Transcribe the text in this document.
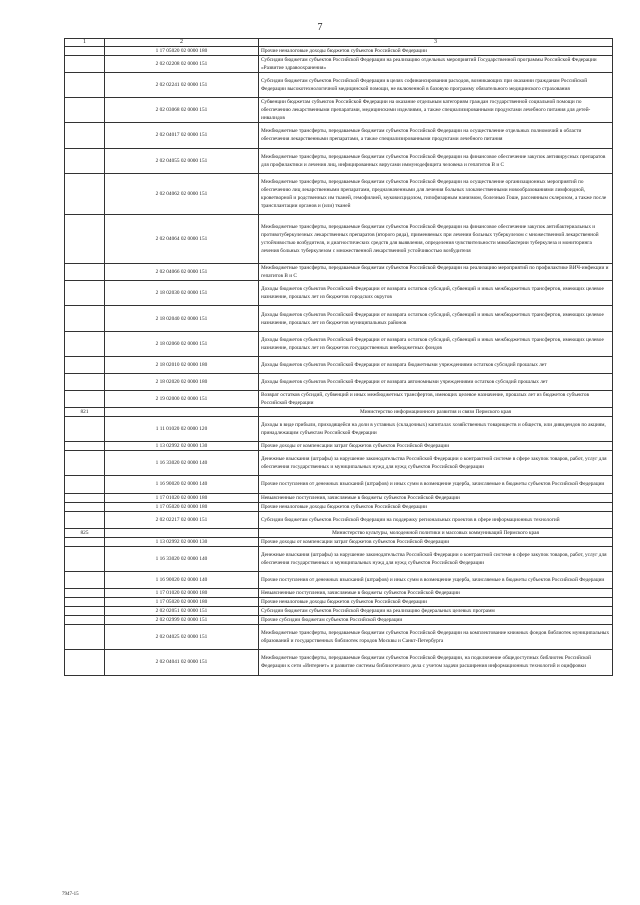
7
1	2	3
	1 17 05020 02 0000 180	Прочие неналоговые доходы бюджетов субъектов Российской Федерации
	2 02 02208 02 0000 151	Субсидии бюджетам субъектов Российской Федерации на реализацию отдельных мероприятий Государственной программы Российской Федерации «Развитие здравоохранения»
	2 02 02241 02 0000 151	Субсидии бюджетам субъектов Российской Федерации в целях софинансирования расходов, возникающих при оказании гражданам Российской Федерации высокотехнологичной медицинской помощи, не включенной в базовую программу обязательного медицинского страхования
	2 02 03068 02 0000 151	Субвенции бюджетам субъектов Российской Федерации на оказание отдельным категориям граждан государственной социальной помощи по обеспечению лекарственными препаратами, медицинскими изделиями, а также специализированными продуктами лечебного питания для детей-инвалидов
	2 02 04017 02 0000 151	Межбюджетные трансферты, передаваемые бюджетам субъектов Российской Федерации на осуществление отдельных полномочий в области обеспечения лекарственными препаратами, а также специализированными продуктами лечебного питания
	2 02 04055 02 0000 151	Межбюджетные трансферты, передаваемые бюджетам субъектов Российской Федерации на финансовое обеспечение закупок антивирусных препаратов для профилактики и лечения лиц, инфицированных вирусами иммунодефицита человека и гепатитов В и С
	2 02 04062 02 0000 151	Межбюджетные трансферты, передаваемые бюджетам субъектов Российской Федерации на осуществление организационных мероприятий по обеспечению лиц лекарственными препаратами, предназначенными для лечения больных злокачественными новообразованиями лимфоидной, кроветворной и родственных им тканей, гемофилией, муковисцидозом, гипофизарным нанизмом, болезнью Гоше, рассеянным склерозом, а также после трансплантации органов и (или) тканей
	2 02 04064 02 0000 151	Межбюджетные трансферты, передаваемые бюджетам субъектов Российской Федерации на финансовое обеспечение закупок антибактериальных и противотуберкулезных лекарственных препаратов (второго ряда), применяемых при лечении больных туберкулезом с множественной лекарственной устойчивостью возбудителя, и диагностических средств для выявления, определения чувствительности микобактерии туберкулеза и мониторинга лечения больных туберкулезом с множественной лекарственной устойчивостью возбудителя
	2 02 04066 02 0000 151	Межбюджетные трансферты, передаваемые бюджетам субъектов Российской Федерации на реализацию мероприятий по профилактике ВИЧ-инфекции и гепатитов В и С
	2 18 02030 02 0000 151	Доходы бюджетов субъектов Российской Федерации от возврата остатков субсидий, субвенций и иных межбюджетных трансфертов, имеющих целевое назначение, прошлых лет из бюджетов городских округов
	2 18 02040 02 0000 151	Доходы бюджетов субъектов Российской Федерации от возврата остатков субсидий, субвенций и иных межбюджетных трансфертов, имеющих целевое назначение, прошлых лет из бюджетов муниципальных районов
	2 18 02060 02 0000 151	Доходы бюджетов субъектов Российской Федерации от возврата остатков субсидий, субвенций и иных межбюджетных трансфертов, имеющих целевое назначение, прошлых лет из бюджетов государственных внебюджетных фондов
	2 18 02010 02 0000 180	Доходы бюджетов субъектов Российской Федерации от возврата бюджетными учреждениями остатков субсидий прошлых лет
	2 18 02020 02 0000 180	Доходы бюджетов субъектов Российской Федерации от возврата автономными учреждениями остатков субсидий прошлых лет
	2 19 02000 02 0000 151	Возврат остатков субсидий, субвенций и иных межбюджетных трансфертов, имеющих целевое назначение, прошлых лет из бюджетов субъектов Российской Федерации
821		Министерство информационного развития и связи Пермского края
	1 11 01020 02 0000 120	Доходы в виде прибыли, приходящейся на доли в уставных (складочных) капиталах хозяйственных товариществ и обществ, или дивидендов по акциям, принадлежащим субъектам Российской Федерации
	1 13 02992 02 0000 130	Прочие доходы от компенсации затрат бюджетов субъектов Российской Федерации
	1 16 33020 02 0000 140	Денежные взыскания (штрафы) за нарушение законодательства Российской Федерации о контрактной системе в сфере закупок товаров, работ, услуг для обеспечения государственных и муниципальных нужд для нужд субъектов Российской Федерации
	1 16 90020 02 0000 140	Прочие поступления от денежных взысканий (штрафов) и иных сумм в возмещение ущерба, зачисляемые в бюджеты субъектов Российской Федерации
	1 17 01020 02 0000 180	Невыясненные поступления, зачисляемые в бюджеты субъектов Российской Федерации
	1 17 05020 02 0000 180	Прочие неналоговые доходы бюджетов субъектов Российской Федерации
	2 02 02217 02 0000 151	Субсидии бюджетам субъектов Российской Федерации на поддержку региональных проектов в сфере информационных технологий
825		Министерство культуры, молодежной политики и массовых коммуникаций Пермского края
	1 13 02992 02 0000 130	Прочие доходы от компенсации затрат бюджетов субъектов Российской Федерации
	1 16 33020 02 0000 140	Денежные взыскания (штрафы) за нарушение законодательства Российской Федерации о контрактной системе в сфере закупок товаров, работ, услуг для обеспечения государственных и муниципальных нужд для нужд субъектов Российской Федерации
	1 16 90020 02 0000 140	Прочие поступления от денежных взысканий (штрафов) и иных сумм в возмещение ущерба, зачисляемые в бюджеты субъектов Российской Федерации
	1 17 01020 02 0000 180	Невыясненные поступления, зачисляемые в бюджеты субъектов Российской Федерации
	1 17 05020 02 0000 180	Прочие неналоговые доходы бюджетов субъектов Российской Федерации
	2 02 02051 02 0000 151	Субсидии бюджетам субъектов Российской Федерации на реализацию федеральных целевых программ
	2 02 02999 02 0000 151	Прочие субсидии бюджетам субъектов Российской Федерации
	2 02 04025 02 0000 151	Межбюджетные трансферты, передаваемые бюджетам субъектов Российской Федерации на комплектование книжных фондов библиотек муниципальных образований и государственных библиотек городов Москвы и Санкт-Петербурга
	2 02 04041 02 0000 151	Межбюджетные трансферты, передаваемые бюджетам субъектов Российской Федерации, на подключение общедоступных библиотек Российской Федерации к сети «Интернет» и развитие системы библиотечного дела с учетом задачи расширения информационных технологий и оцифровки
7947-15
